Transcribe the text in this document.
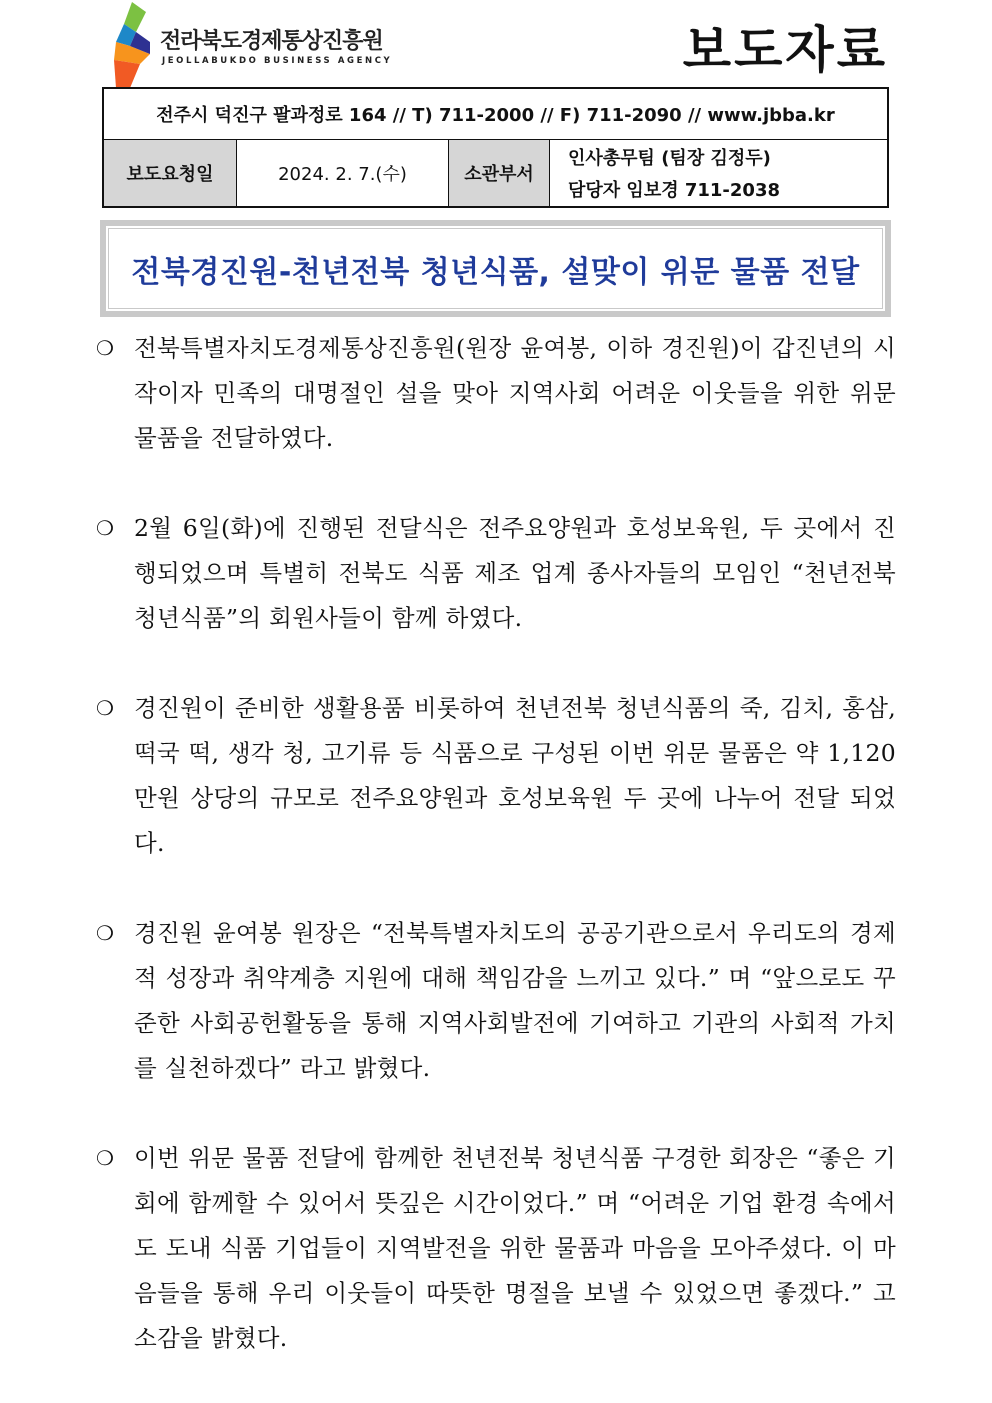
전라북도경제통상진흥원
JEOLLABUKDO BUSINESS AGENCY	보도자료
전주시 덕진구 팔과정로 164 // T) 711-2000 // F) 711-2090 // www.jbba.kr
보도요청일	2024. 2. 7.(수)	소관부서
인사총무팀 (팀장 김정두)
담당자 임보경 711-2038
전북경진원-천년전북 청년식품, 설맞이 위문 물품 전달
❍ 전북특별자치도경제통상진흥원(원장 윤여봉, 이하 경진원)이 갑진년의 시작이자 민족의 대명절인 설을 맞아 지역사회 어려운 이웃들을 위한 위문 물품을 전달하였다.
❍ 2월 6일(화)에 진행된 전달식은 전주요양원과 호성보육원, 두 곳에서 진행되었으며 특별히 전북도 식품 제조 업계 종사자들의 모임인 “천년전북 청년식품”의 회원사들이 함께 하였다.
❍ 경진원이 준비한 생활용품 비롯하여 천년전북 청년식품의 죽, 김치, 홍삼, 떡국 떡, 생각 청, 고기류 등 식품으로 구성된 이번 위문 물품은 약 1,120만원 상당의 규모로 전주요양원과 호성보육원 두 곳에 나누어 전달 되었다.
❍ 경진원 윤여봉 원장은 “전북특별자치도의 공공기관으로서 우리도의 경제적 성장과 취약계층 지원에 대해 책임감을 느끼고 있다.” 며 “앞으로도 꾸준한 사회공헌활동을 통해 지역사회발전에 기여하고 기관의 사회적 가치를 실천하겠다” 라고 밝혔다.
❍ 이번 위문 물품 전달에 함께한 천년전북 청년식품 구경한 회장은 “좋은 기회에 함께할 수 있어서 뜻깊은 시간이었다.” 며 “어려운 기업 환경 속에서도 도내 식품 기업들이 지역발전을 위한 물품과 마음을 모아주셨다. 이 마음들을 통해 우리 이웃들이 따뜻한 명절을 보낼 수 있었으면 좋겠다.” 고 소감을 밝혔다.
